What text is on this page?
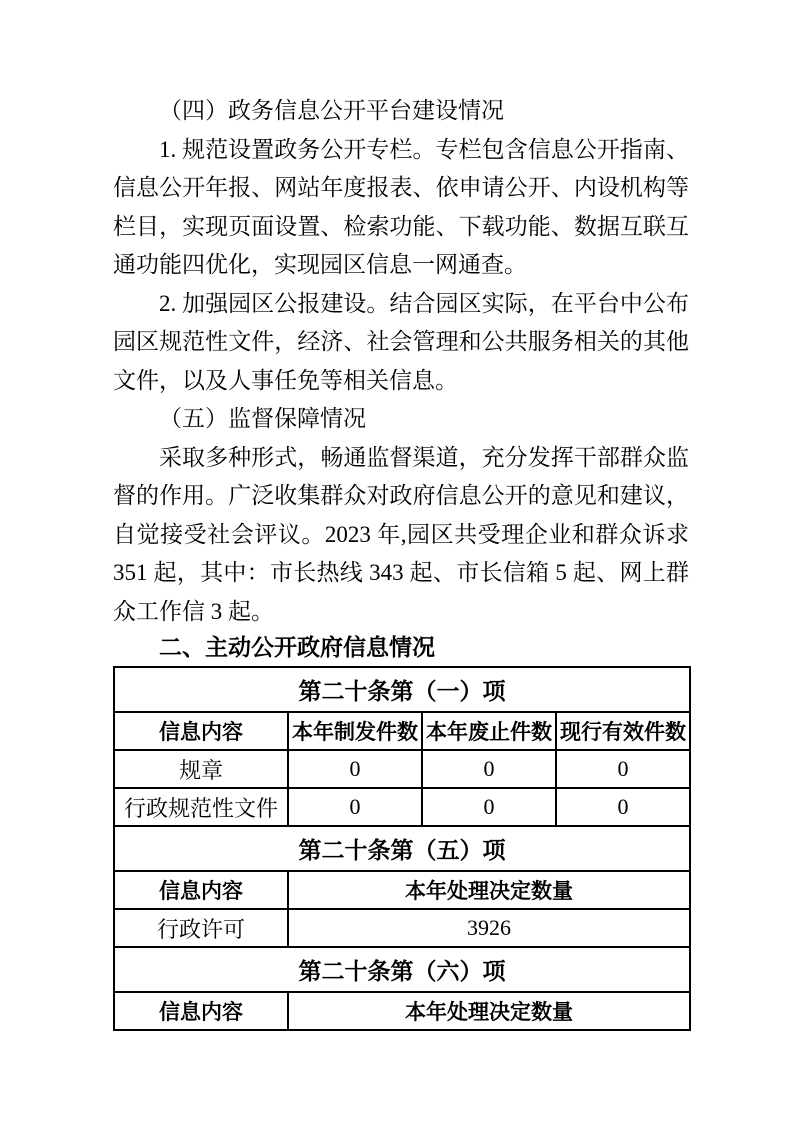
（四）政务信息公开平台建设情况

1. 规范设置政务公开专栏。专栏包含信息公开指南、信息公开年报、网站年度报表、依申请公开、内设机构等栏目，实现页面设置、检索功能、下载功能、数据互联互通功能四优化，实现园区信息一网通查。

2. 加强园区公报建设。结合园区实际，在平台中公布园区规范性文件，经济、社会管理和公共服务相关的其他文件，以及人事任免等相关信息。

（五）监督保障情况

采取多种形式，畅通监督渠道，充分发挥干部群众监督的作用。广泛收集群众对政府信息公开的意见和建议，自觉接受社会评议。2023 年,园区共受理企业和群众诉求 351 起，其中：市长热线 343 起、市长信箱 5 起、网上群众工作信 3 起。

二、主动公开政府信息情况
第二十条第（一）项			
信息内容	本年制发件数	本年废止件数	现行有效件数
规章	0	0	0
行政规范性文件	0	0	0
第二十条第（五）项			
信息内容	本年处理决定数量		
行政许可	3926		
第二十条第（六）项			
信息内容	本年处理决定数量		
